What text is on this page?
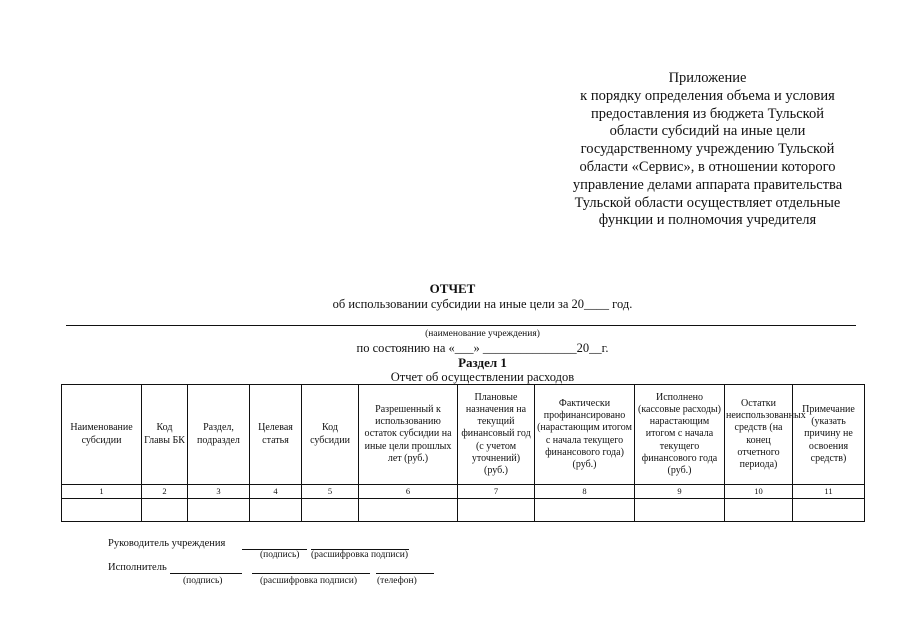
Приложение
к порядку определения объема и условия
предоставления из бюджета Тульской
области субсидий на иные цели
государственному учреждению Тульской
области «Сервис», в отношении которого
управление делами аппарата правительства
Тульской области осуществляет отдельные
функции и полномочия учредителя
ОТЧЕТ
об использовании субсидии на иные цели за 20____ год.
(наименование учреждения)
по состоянию на «___» _______________20__г.
Раздел 1
Отчет об осуществлении расходов
Наименование субсидии	Код Главы БК	Раздел, подраздел	Целевая статья	Код субсидии	Разрешенный к использованию остаток субсидии на иные цели прошлых лет (руб.)	Плановые назначения на текущий финансовый год (с учетом уточнений) (руб.)	Фактически профинансировано (нарастающим итогом с начала текущего финансового года) (руб.)	Исполнено (кассовые расходы) нарастающим итогом с начала текущего финансового года (руб.)	Остатки неиспользованных средств (на конец отчетного периода)	Примечание (указать причину не освоения средств)
1	2	3	4	5	6	7	8	9	10	11

Руководитель учреждения
(подпись) (расшифровка подписи)
Исполнитель
(подпись)	(расшифровка подписи) (телефон)
